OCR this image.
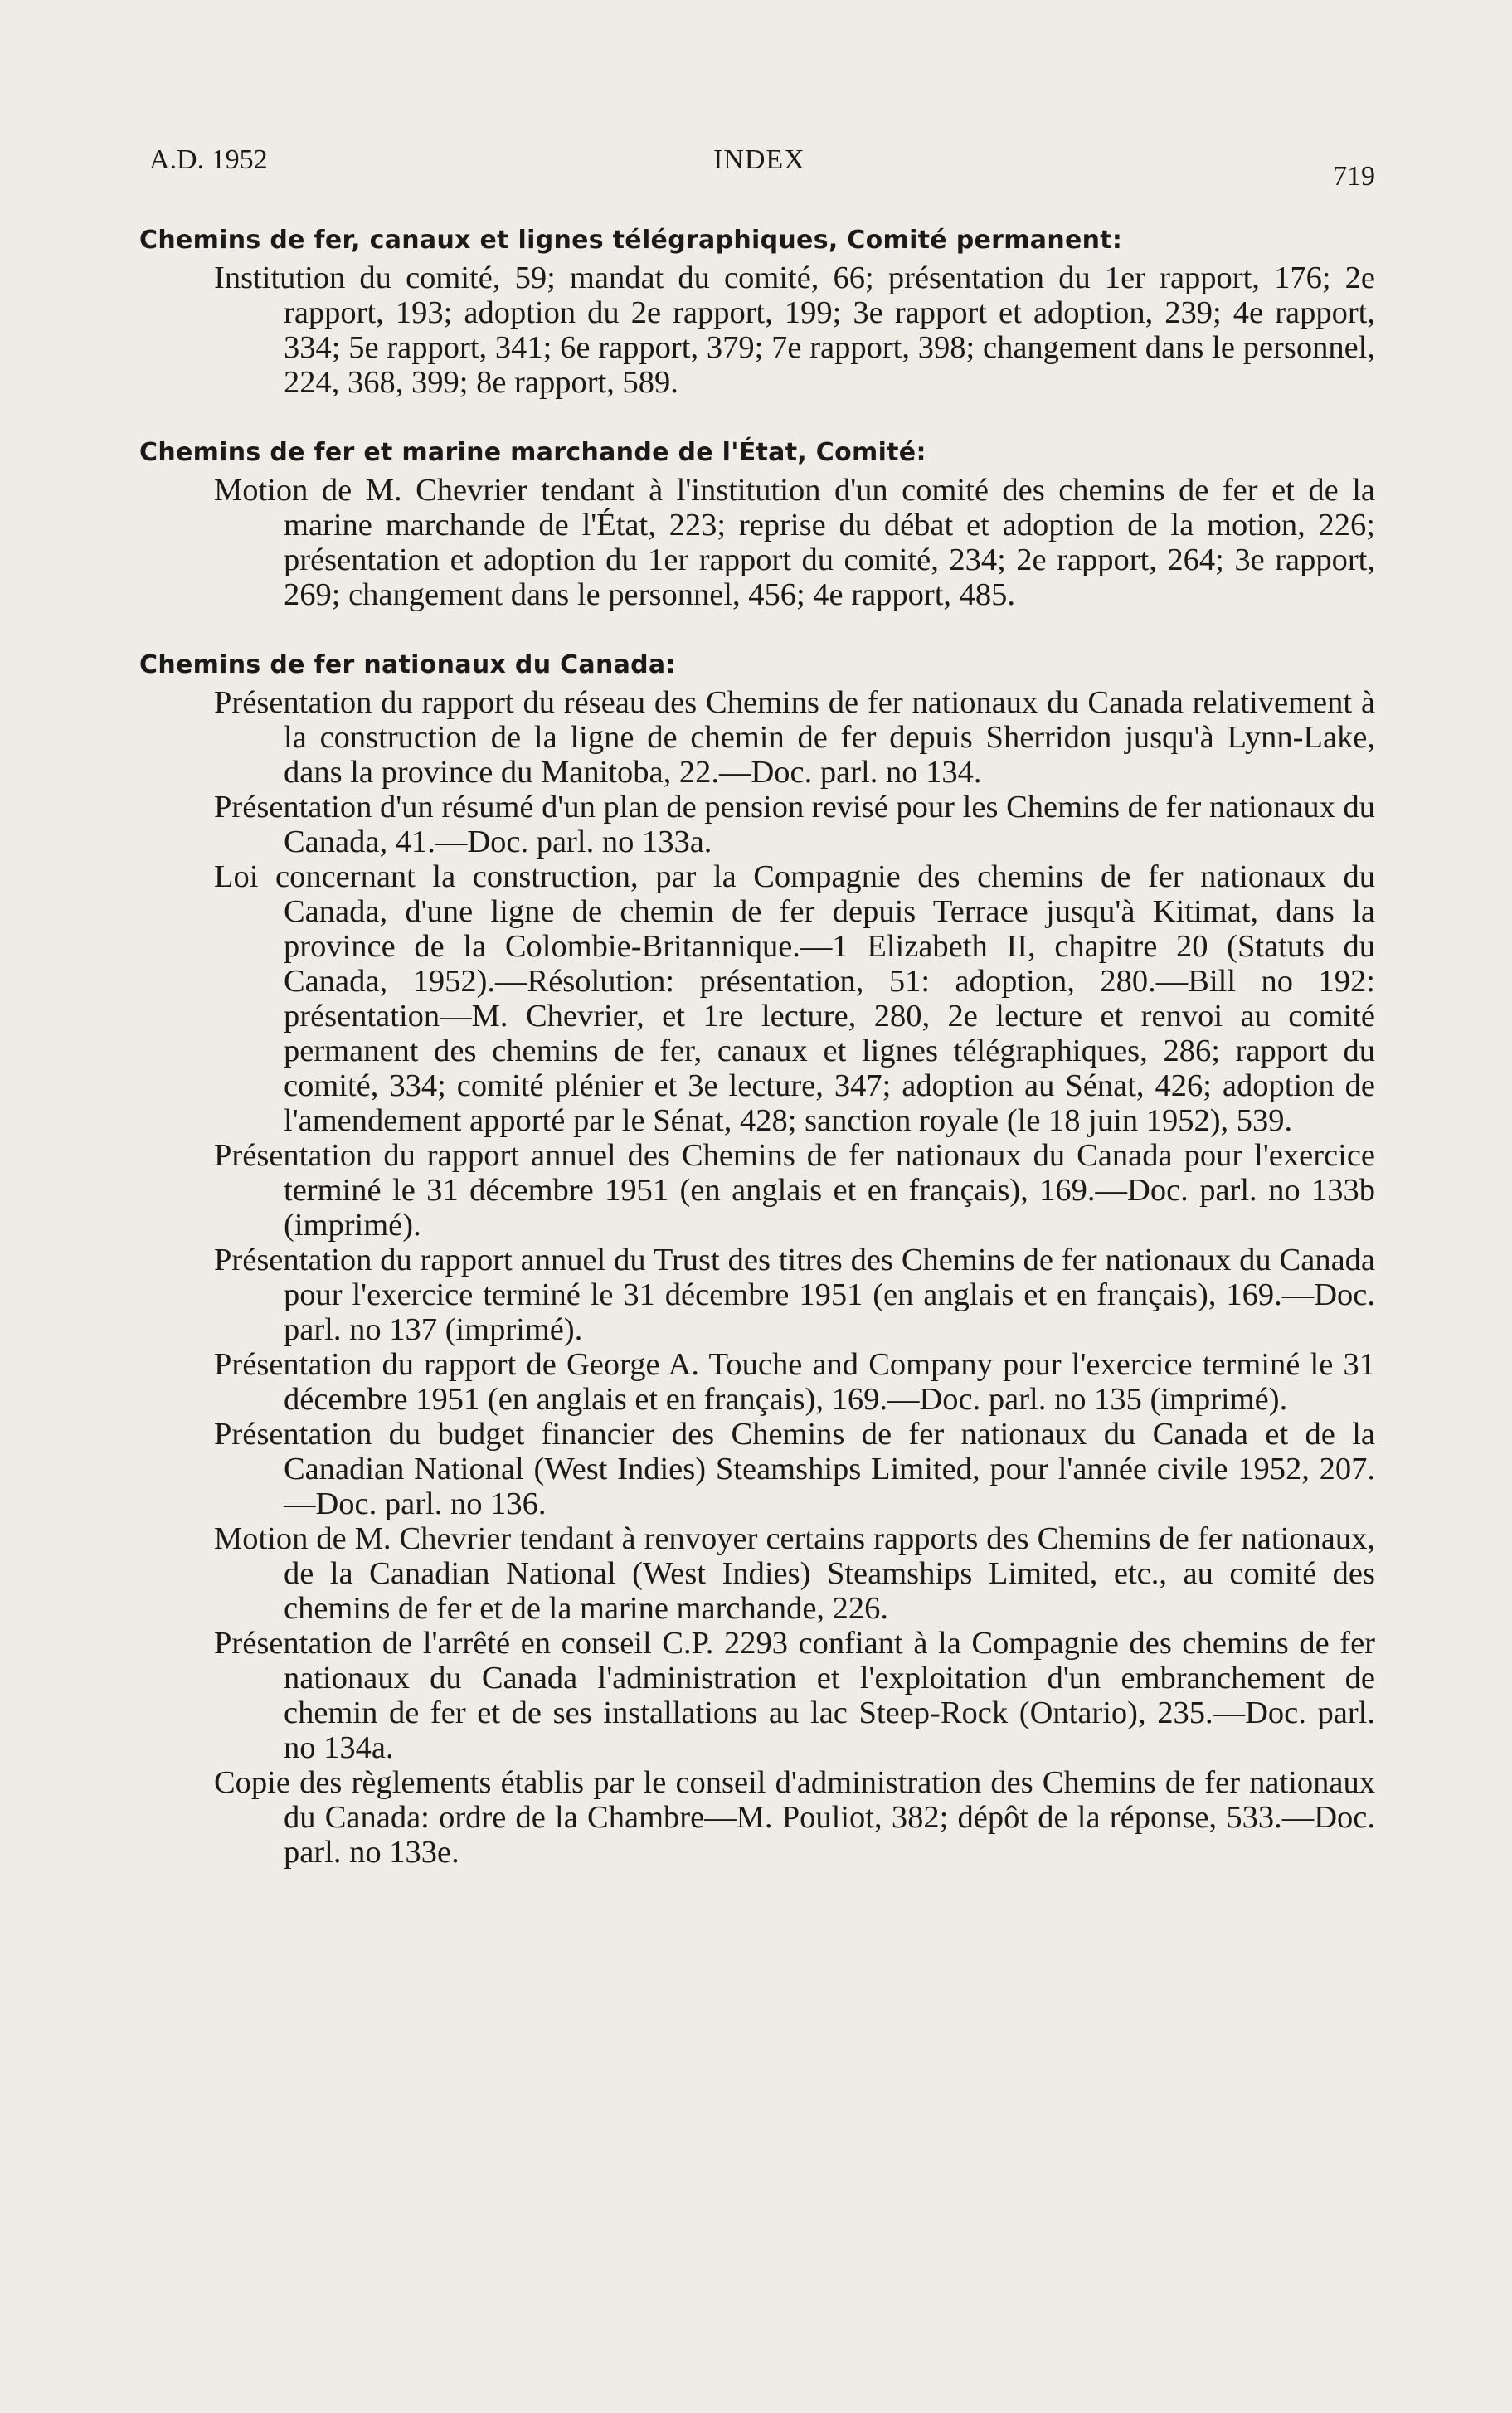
A.D. 1952	INDEX
719
Chemins de fer, canaux et lignes télégraphiques, Comité permanent:

Institution du comité, 59; mandat du comité, 66; présentation du 1er rapport, 176; 2e rapport, 193; adoption du 2e rapport, 199; 3e rapport et adoption, 239; 4e rapport, 334; 5e rapport, 341; 6e rapport, 379; 7e rapport, 398; changement dans le personnel, 224, 368, 399; 8e rapport, 589.

Chemins de fer et marine marchande de l'État, Comité:

Motion de M. Chevrier tendant à l'institution d'un comité des chemins de fer et de la marine marchande de l'État, 223; reprise du débat et adoption de la motion, 226; présentation et adoption du 1er rapport du comité, 234; 2e rapport, 264; 3e rapport, 269; changement dans le personnel, 456; 4e rapport, 485.

Chemins de fer nationaux du Canada:

Présentation du rapport du réseau des Chemins de fer nationaux du Canada relativement à la construction de la ligne de chemin de fer depuis Sherridon jusqu'à Lynn-Lake, dans la province du Manitoba, 22.—Doc. parl. no 134.

Présentation d'un résumé d'un plan de pension revisé pour les Chemins de fer nationaux du Canada, 41.—Doc. parl. no 133a.

Loi concernant la construction, par la Compagnie des chemins de fer nationaux du Canada, d'une ligne de chemin de fer depuis Terrace jusqu'à Kitimat, dans la province de la Colombie-Britannique.—1 Elizabeth II, chapitre 20 (Statuts du Canada, 1952).—Résolution: présentation, 51: adoption, 280.—Bill no 192: présentation—M. Chevrier, et 1re lecture, 280, 2e lecture et renvoi au comité permanent des chemins de fer, canaux et lignes télégraphiques, 286; rapport du comité, 334; comité plénier et 3e lecture, 347; adoption au Sénat, 426; adoption de l'amendement apporté par le Sénat, 428; sanction royale (le 18 juin 1952), 539.

Présentation du rapport annuel des Chemins de fer nationaux du Canada pour l'exercice terminé le 31 décembre 1951 (en anglais et en français), 169.—Doc. parl. no 133b (imprimé).

Présentation du rapport annuel du Trust des titres des Chemins de fer nationaux du Canada pour l'exercice terminé le 31 décembre 1951 (en anglais et en français), 169.—Doc. parl. no 137 (imprimé).

Présentation du rapport de George A. Touche and Company pour l'exercice terminé le 31 décembre 1951 (en anglais et en français), 169.—Doc. parl. no 135 (imprimé).

Présentation du budget financier des Chemins de fer nationaux du Canada et de la Canadian National (West Indies) Steamships Limited, pour l'année civile 1952, 207.—Doc. parl. no 136.

Motion de M. Chevrier tendant à renvoyer certains rapports des Chemins de fer nationaux, de la Canadian National (West Indies) Steamships Limited, etc., au comité des chemins de fer et de la marine marchande, 226.

Présentation de l'arrêté en conseil C.P. 2293 confiant à la Compagnie des chemins de fer nationaux du Canada l'administration et l'exploitation d'un embranchement de chemin de fer et de ses installations au lac Steep-Rock (Ontario), 235.—Doc. parl. no 134a.

Copie des règlements établis par le conseil d'administration des Chemins de fer nationaux du Canada: ordre de la Chambre—M. Pouliot, 382; dépôt de la réponse, 533.—Doc. parl. no 133e.
